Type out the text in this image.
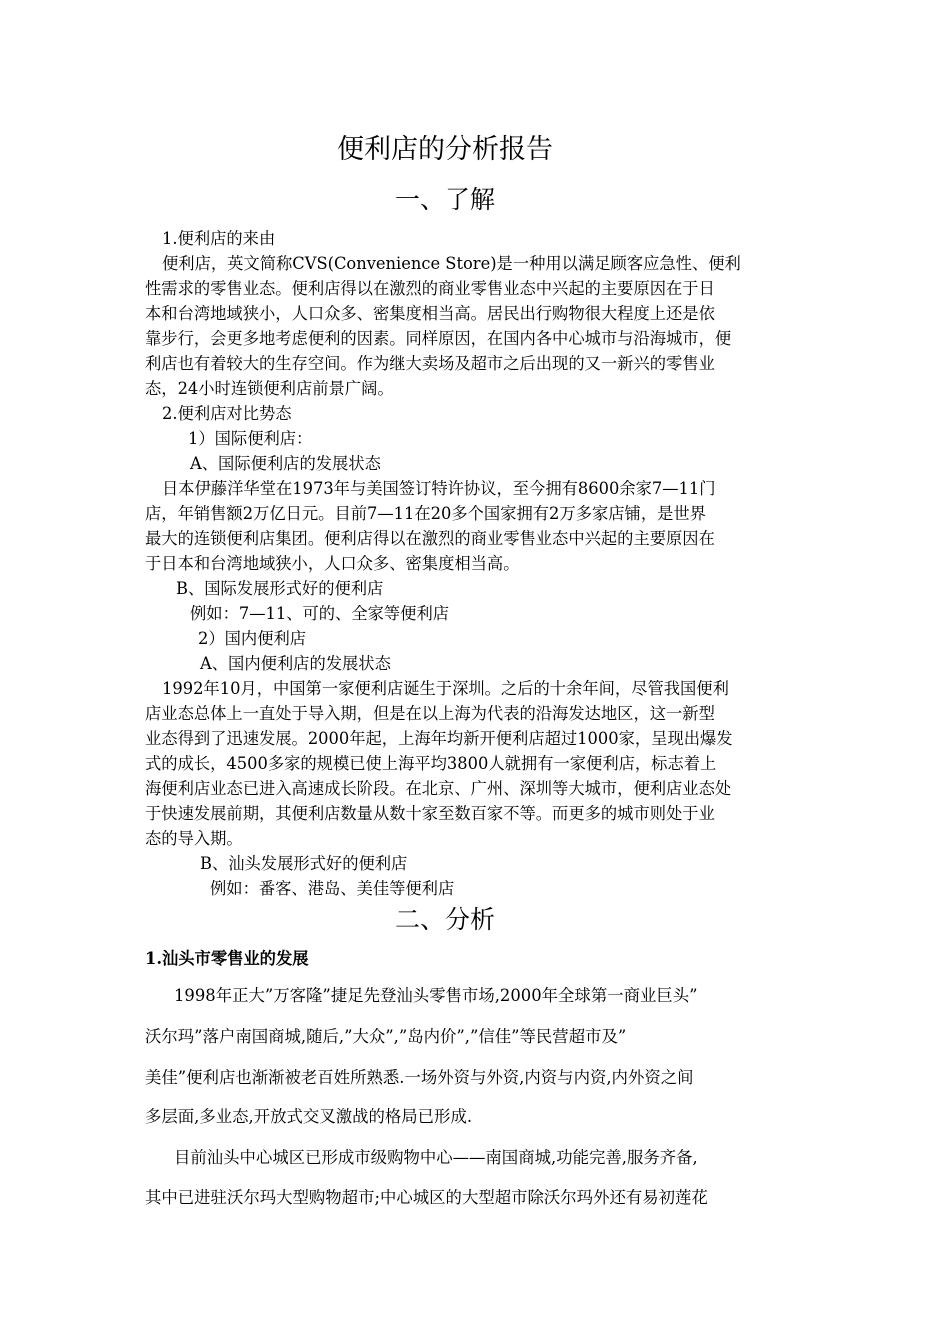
便利店的分析报告
一、了解
1.便利店的来由
便利店，英文简称CVS(Convenience Store)是一种用以满足顾客应急性、便利
性需求的零售业态。便利店得以在激烈的商业零售业态中兴起的主要原因在于日
本和台湾地域狭小，人口众多、密集度相当高。居民出行购物很大程度上还是依
靠步行，会更多地考虑便利的因素。同样原因，在国内各中心城市与沿海城市，便
利店也有着较大的生存空间。作为继大卖场及超市之后出现的又一新兴的零售业
态，24小时连锁便利店前景广阔。
2.便利店对比势态
1）国际便利店：
A、国际便利店的发展状态
日本伊藤洋华堂在1973年与美国签订特许协议，至今拥有8600余家7—11门
店，年销售额2万亿日元。目前7—11在20多个国家拥有2万多家店铺，是世界
最大的连锁便利店集团。便利店得以在激烈的商业零售业态中兴起的主要原因在
于日本和台湾地域狭小，人口众多、密集度相当高。
B、国际发展形式好的便利店
例如：7—11、可的、全家等便利店
2）国内便利店
A、国内便利店的发展状态
1992年10月，中国第一家便利店诞生于深圳。之后的十余年间，尽管我国便利
店业态总体上一直处于导入期，但是在以上海为代表的沿海发达地区，这一新型
业态得到了迅速发展。2000年起，上海年均新开便利店超过1000家，呈现出爆发
式的成长，4500多家的规模已使上海平均3800人就拥有一家便利店，标志着上
海便利店业态已进入高速成长阶段。在北京、广州、深圳等大城市，便利店业态处
于快速发展前期，其便利店数量从数十家至数百家不等。而更多的城市则处于业
态的导入期。
B、汕头发展形式好的便利店
例如：番客、港岛、美佳等便利店
二、分析
1.汕头市零售业的发展
1998年正大”万客隆”捷足先登汕头零售市场,2000年全球第一商业巨头”
沃尔玛”落户南国商城,随后,”大众”,”岛内价”,”信佳”等民营超市及”
美佳”便利店也渐渐被老百姓所熟悉.一场外资与外资,内资与内资,内外资之间
多层面,多业态,开放式交叉激战的格局已形成.
目前汕头中心城区已形成市级购物中心——南国商城,功能完善,服务齐备,
其中已进驻沃尔玛大型购物超市;中心城区的大型超市除沃尔玛外还有易初莲花
